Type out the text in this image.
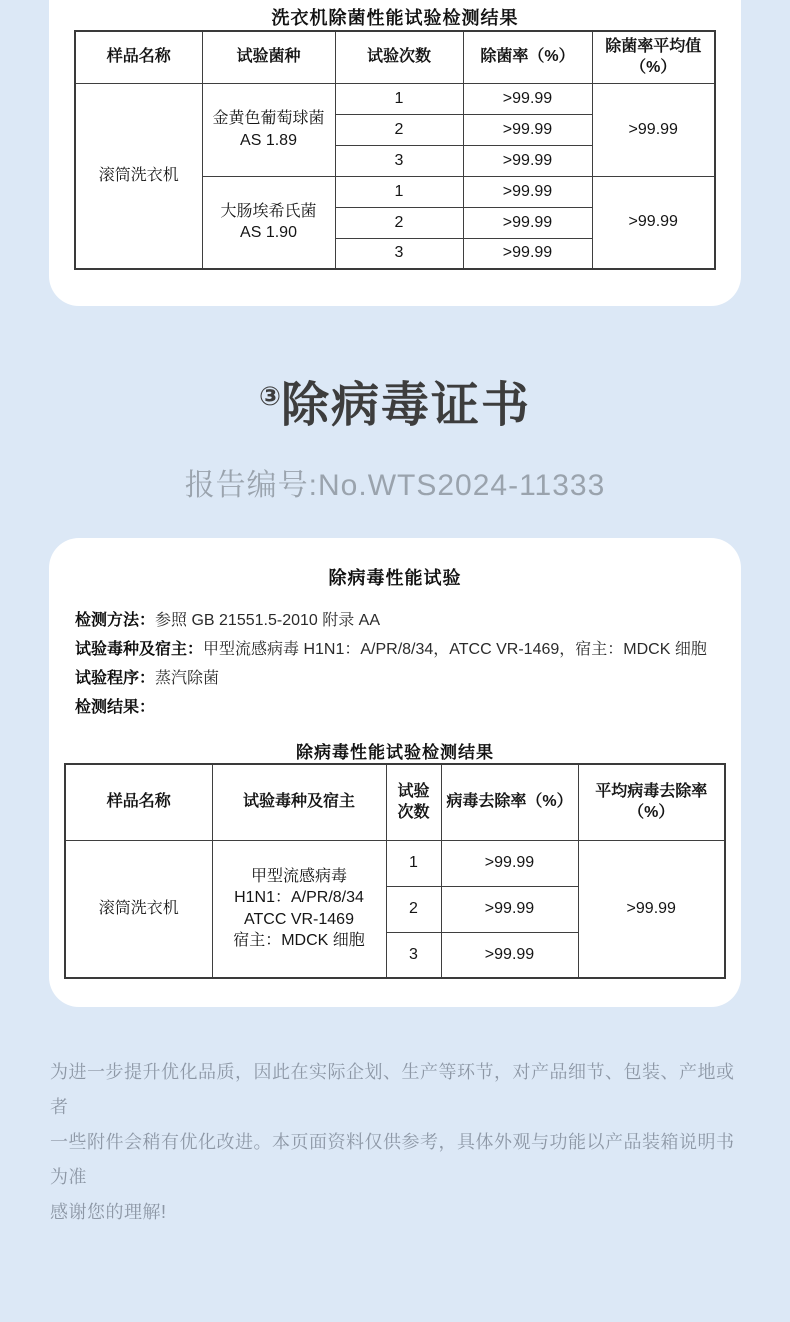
洗衣机除菌性能试验检测结果
样品名称	试验菌种	试验次数	除菌率（%）	除菌率平均值（%）
滚筒洗衣机	金黄色葡萄球菌
AS 1.89	1	>99.99	>99.99
		2	>99.99	
		3	>99.99	

	大肠埃希氏菌
AS 1.90	1	>99.99	>99.99
		2	>99.99	
		3	>99.99	
③除病毒证书
报告编号:No.WTS2024-11333
除病毒性能试验
检测方法：参照 GB 21551.5-2010 附录 AA
试验毒种及宿主：甲型流感病毒 H1N1：A/PR/8/34，ATCC VR-1469，宿主：MDCK 细胞
试验程序：蒸汽除菌
检测结果：
除病毒性能试验检测结果
样品名称	试验毒种及宿主	试验次数	病毒去除率（%）	平均病毒去除率（%）
滚筒洗衣机	甲型流感病毒
H1N1：A/PR/8/34
ATCC VR-1469
宿主：MDCK 细胞	1	>99.99	>99.99
		2	>99.99	
		3	>99.99	
为进一步提升优化品质，因此在实际企划、生产等环节，对产品细节、包装、产地或者
一些附件会稍有优化改进。本页面资料仅供参考，具体外观与功能以产品装箱说明书为准
感谢您的理解!
